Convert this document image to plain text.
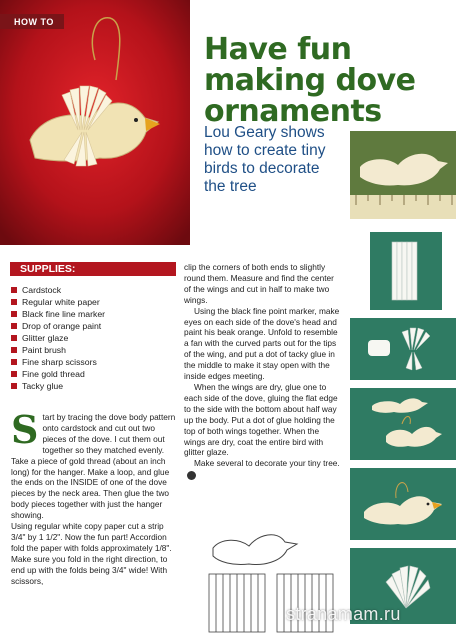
HOW TO
Have fun making dove ornaments
Lou Geary shows how to create tiny birds to decorate the tree
SUPPLIES:
Cardstock
Regular white paper
Black fine line marker
Drop of orange paint
Glitter glaze
Paint brush
Fine sharp scissors
Fine gold thread
Tacky glue

Start by tracing the dove body pattern onto cardstock and cut out two pieces of the dove. I cut them out together so they matched evenly.

Take a piece of gold thread (about an inch long) for the hanger. Make a loop, and glue the ends on the INSIDE of one of the dove pieces by the neck area. Then glue the two body pieces together with just the hanger showing.

Using regular white copy paper cut a strip 3/4" by 1 1/2". Now the fun part! Accordion fold the paper with folds approximately 1/8". Make sure you fold in the right direction, to end up with the folds being 3/4" wide! With scissors,

clip the corners of both ends to slightly round them. Measure and find the center of the wings and cut in half to make two wings.

Using the black fine point marker, make eyes on each side of the dove's head and paint his beak orange. Unfold to resemble a fan with the curved parts out for the tips of the wing, and put a dot of tacky glue in the middle to make it stay open with the inside edges meeting.

When the wings are dry, glue one to each side of the dove, gluing the flat edge to the side with the bottom about half way up the body. Put a dot of glue holding the top of both wings together. When the wings are dry, coat the entire bird with glitter glaze.

Make several to decorate your tiny tree.

stranamam.ru
